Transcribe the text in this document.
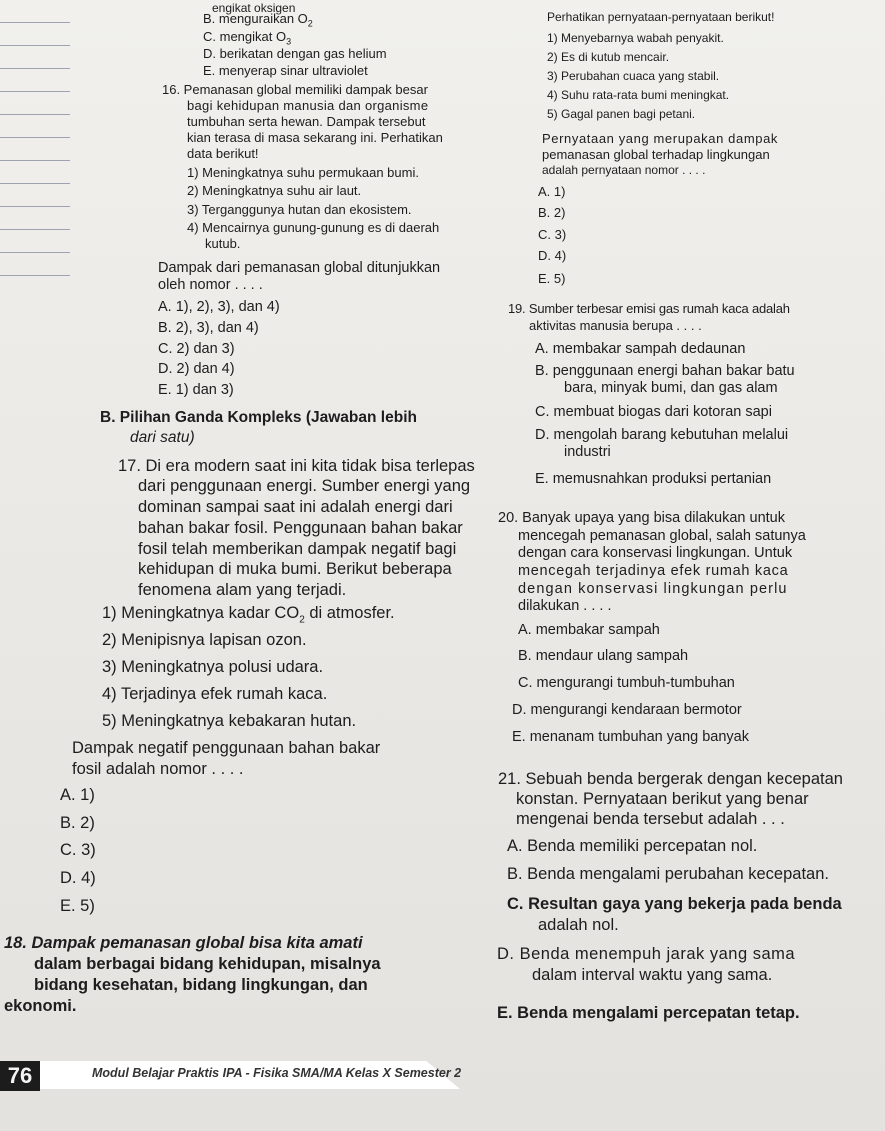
engikat oksigen
B. menguraikan $O_2$
C. mengikat $O_3$
D. berikatan dengan gas helium
E. menyerap sinar ultraviolet
16. Pemanasan global memiliki dampak besar
bagi kehidupan manusia dan organisme
tumbuhan serta hewan. Dampak tersebut
kian terasa di masa sekarang ini. Perhatikan
data berikut!
1) Meningkatnya suhu permukaan bumi.
2) Meningkatnya suhu air laut.
3) Terganggunya hutan dan ekosistem.
4) Mencairnya gunung-gunung es di daerah
kutub.
Dampak dari pemanasan global ditunjukkan
oleh nomor . . . .
A. 1), 2), 3), dan 4)
B. 2), 3), dan 4)
C. 2) dan 3)
D. 2) dan 4)
E. 1) dan 3)
B. Pilihan Ganda Kompleks (Jawaban lebih
dari satu)
17. Di era modern saat ini kita tidak bisa terlepas
dari penggunaan energi. Sumber energi yang
dominan sampai saat ini adalah energi dari
bahan bakar fosil. Penggunaan bahan bakar
fosil telah memberikan dampak negatif bagi
kehidupan di muka bumi. Berikut beberapa
fenomena alam yang terjadi.
1) Meningkatnya kadar $CO_2$ di atmosfer.
2) Menipisnya lapisan ozon.
3) Meningkatnya polusi udara.
4) Terjadinya efek rumah kaca.
5) Meningkatnya kebakaran hutan.
Dampak negatif penggunaan bahan bakar
fosil adalah nomor . . . .
A. 1)
B. 2)
C. 3)
D. 4)
E. 5)
18. Dampak pemanasan global bisa kita amati
dalam berbagai bidang kehidupan, misalnya
bidang kesehatan, bidang lingkungan, dan
ekonomi.
Perhatikan pernyataan-pernyataan berikut!
1) Menyebarnya wabah penyakit.
2) Es di kutub mencair.
3) Perubahan cuaca yang stabil.
4) Suhu rata-rata bumi meningkat.
5) Gagal panen bagi petani.
Pernyataan yang merupakan dampak
pemanasan global terhadap lingkungan
adalah pernyataan nomor . . . .
A. 1)
B. 2)
C. 3)
D. 4)
E. 5)
19. Sumber terbesar emisi gas rumah kaca adalah
aktivitas manusia berupa . . . .
A. membakar sampah dedaunan
B. penggunaan energi bahan bakar batu
bara, minyak bumi, dan gas alam
C. membuat biogas dari kotoran sapi
D. mengolah barang kebutuhan melalui
industri
E. memusnahkan produksi pertanian
20. Banyak upaya yang bisa dilakukan untuk
mencegah pemanasan global, salah satunya
dengan cara konservasi lingkungan. Untuk
mencegah terjadinya efek rumah kaca
dengan konservasi lingkungan perlu
dilakukan . . . .
A. membakar sampah
B. mendaur ulang sampah
C. mengurangi tumbuh-tumbuhan
D. mengurangi kendaraan bermotor
E. menanam tumbuhan yang banyak
21. Sebuah benda bergerak dengan kecepatan
konstan. Pernyataan berikut yang benar
mengenai benda tersebut adalah . . .
A. Benda memiliki percepatan nol.
B. Benda mengalami perubahan kecepatan.
C. Resultan gaya yang bekerja pada benda
adalah nol.
D. Benda menempuh jarak yang sama
dalam interval waktu yang sama.
E. Benda mengalami percepatan tetap.
76	Modul Belajar Praktis IPA - Fisika SMA/MA Kelas X Semester 2
